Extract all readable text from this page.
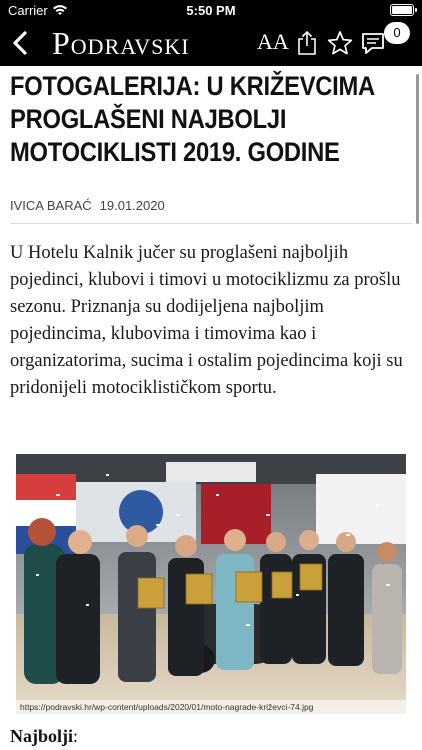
Carrier	5:50 PM
Podravski	AA	0
FOTOGALERIJA: U KRIŽEVCIMA PROGLAŠENI NAJBOLJI MOTOCIKLISTI 2019. GODINE
IVICA BARAĆ 19.01.2020

U Hotelu Kalnik jučer su proglašeni najboljih pojedinci, klubovi i timovi u motociklizmu za prošlu sezonu. Priznanja su dodijeljena najboljim pojedincima, klubovima i timovima kao i organizatorima, sucima i ostalim pojedincima koji su pridonijeli motociklističkom sportu.

https://podravski.hr/wp-content/uploads/2020/01/moto-nagrade-križevci-74.jpg

Najbolji:
